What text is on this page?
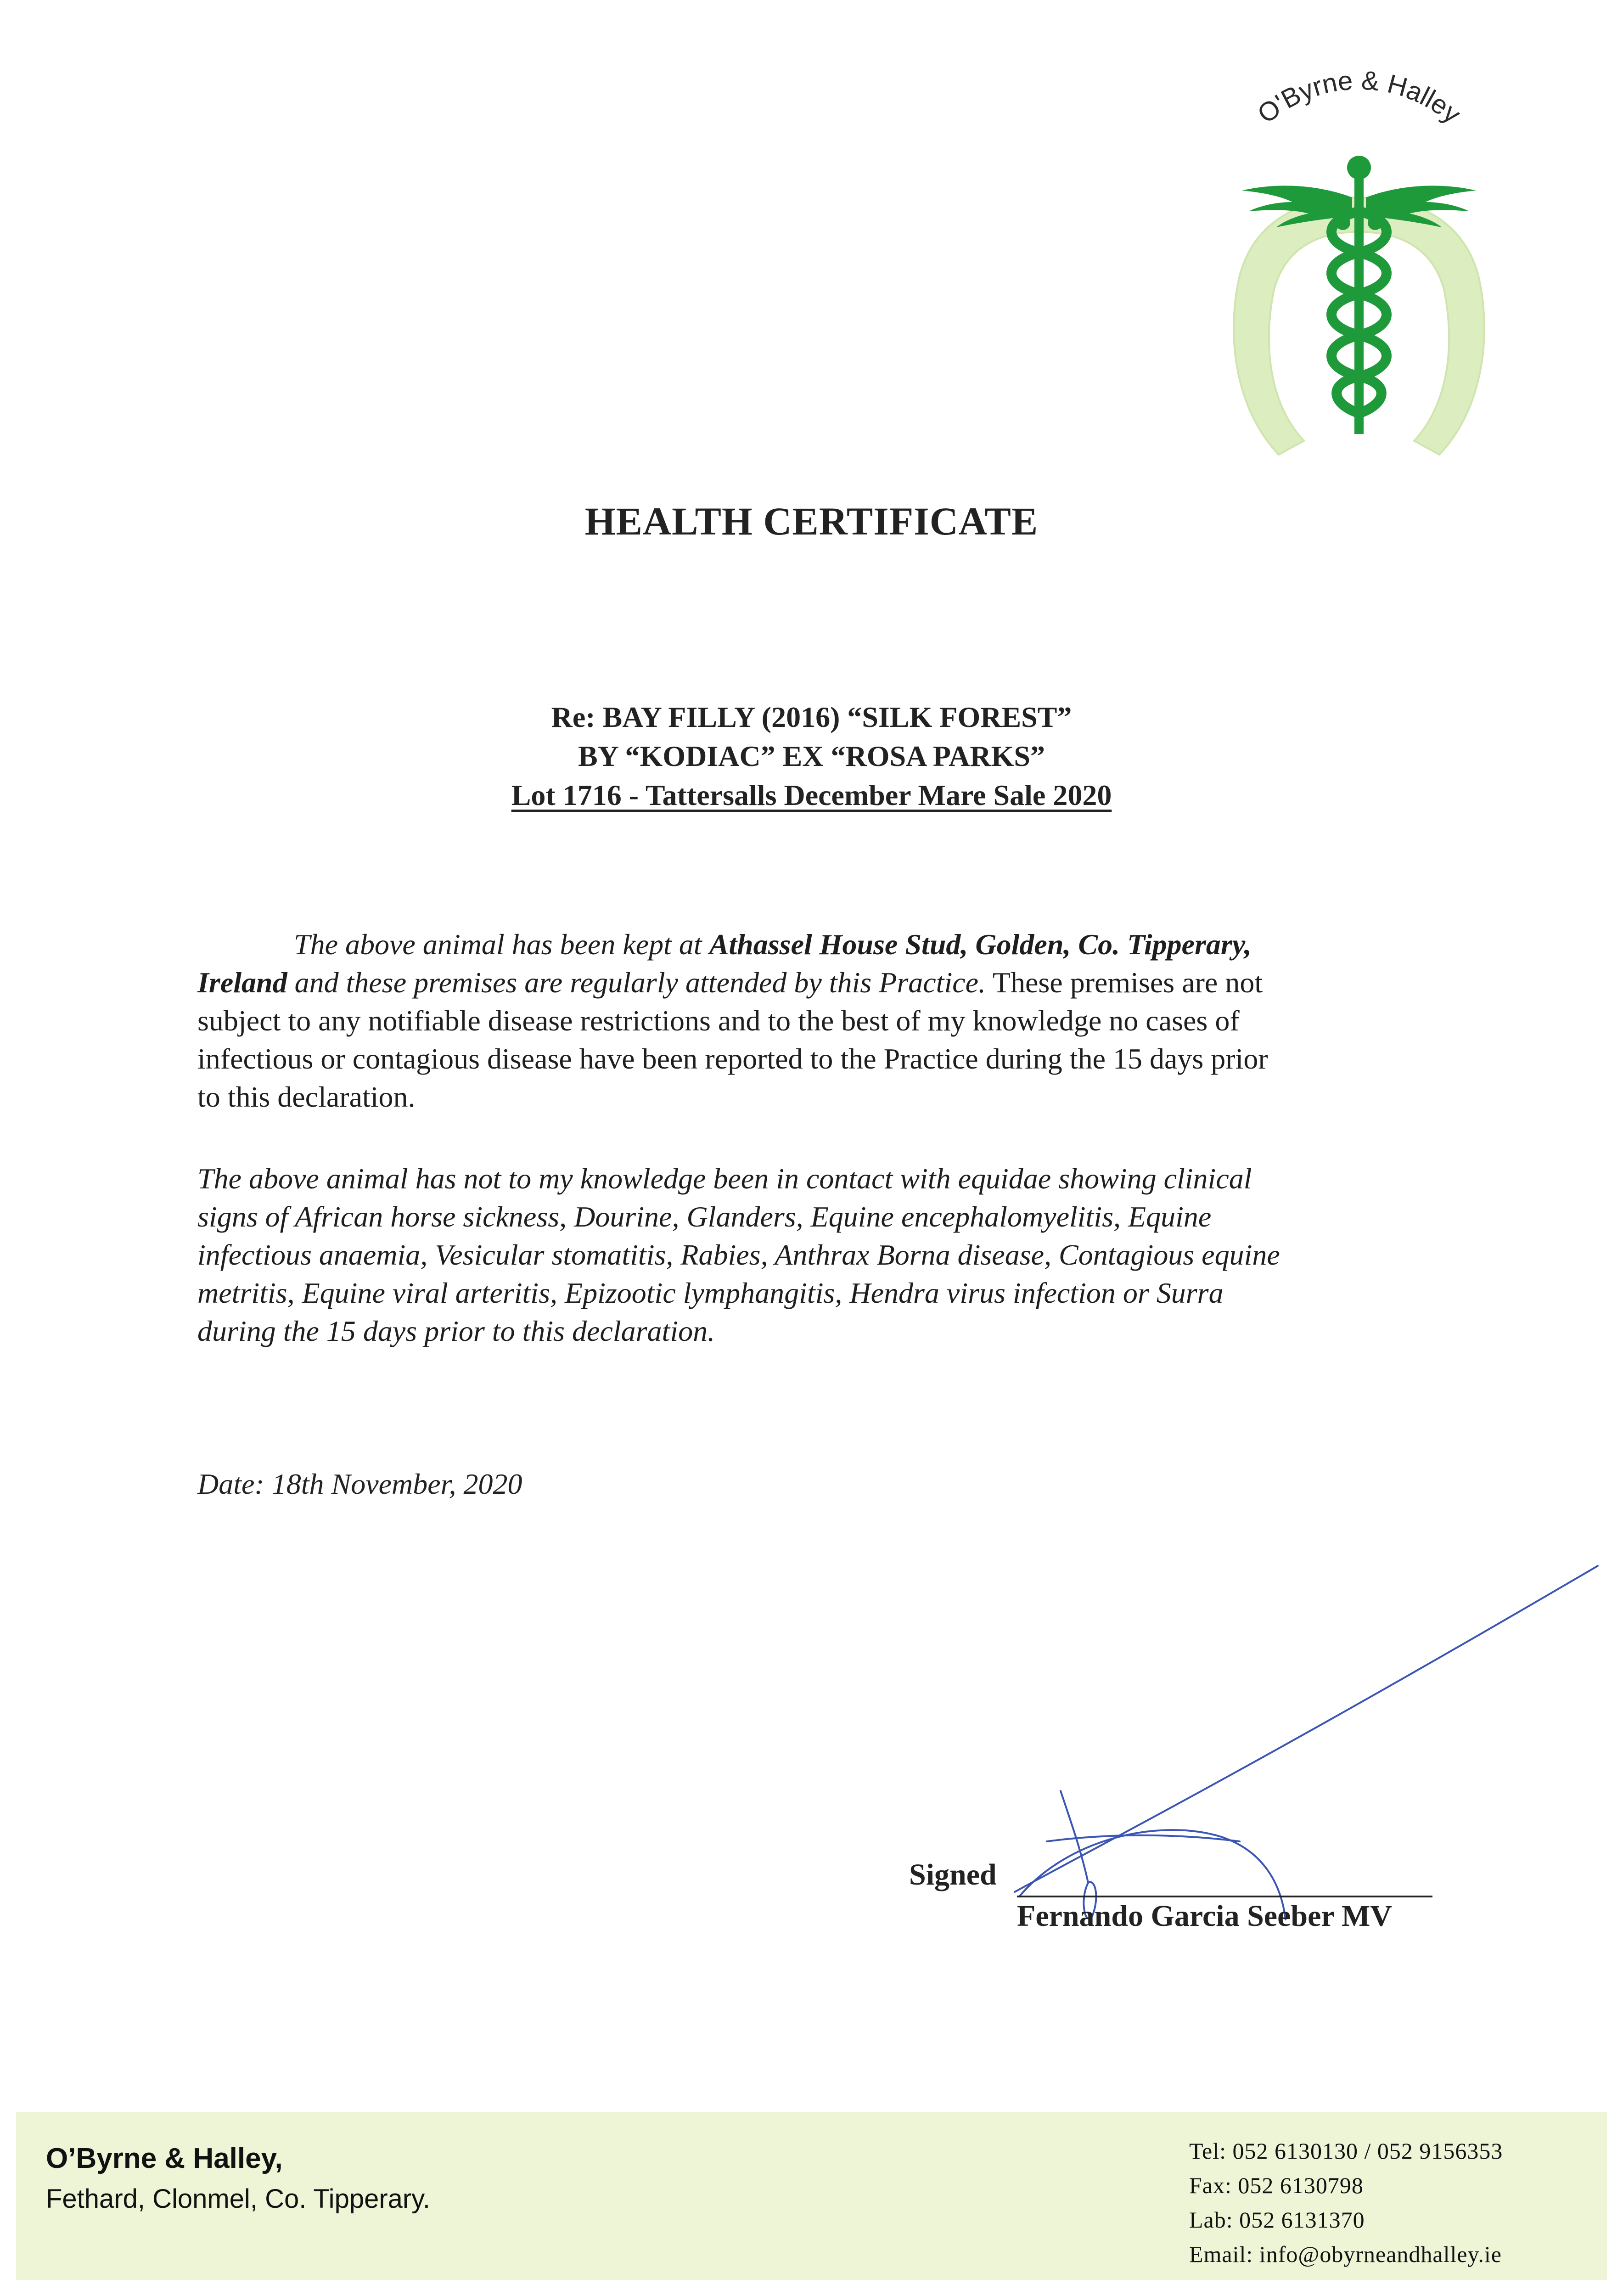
O'Byrne & Halley
HEALTH CERTIFICATE
Re: BAY FILLY (2016) “SILK FOREST”
BY “KODIAC” EX “ROSA PARKS”
Lot 1716 - Tattersalls December Mare Sale 2020
The above animal has been kept at Athassel House Stud, Golden, Co. Tipperary,
Ireland and these premises are regularly attended by this Practice. These premises are not
subject to any notifiable disease restrictions and to the best of my knowledge no cases of
infectious or contagious disease have been reported to the Practice during the 15 days prior
to this declaration.
The above animal has not to my knowledge been in contact with equidae showing clinical
signs of African horse sickness, Dourine, Glanders, Equine encephalomyelitis, Equine
infectious anaemia, Vesicular stomatitis, Rabies, Anthrax Borna disease, Contagious equine
metritis, Equine viral arteritis, Epizootic lymphangitis, Hendra virus infection or Surra
during the 15 days prior to this declaration.
Date: 18th November, 2020
Signed
Fernando Garcia Seeber MV
O’Byrne & Halley,
Fethard, Clonmel, Co. Tipperary.
Tel: 052 6130130 / 052 9156353
Fax: 052 6130798
Lab: 052 6131370
Email: info@obyrneandhalley.ie
